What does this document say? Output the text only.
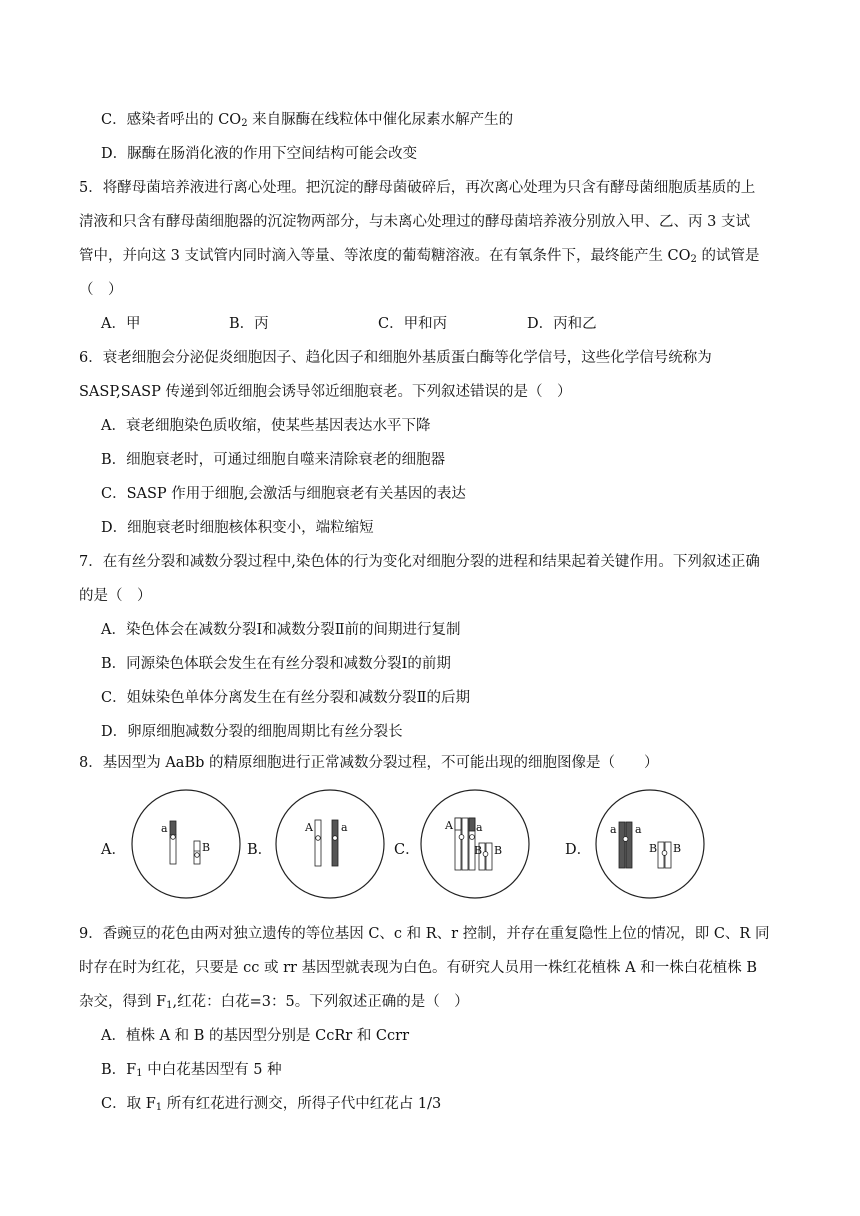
C．感染者呼出的 $CO_2$ 来自脲酶在线粒体中催化尿素水解产生的
D．脲酶在肠消化液的作用下空间结构可能会改变
5．将酵母菌培养液进行离心处理。把沉淀的酵母菌破碎后，再次离心处理为只含有酵母菌细胞质基质的上
清液和只含有酵母菌细胞器的沉淀物两部分，与未离心处理过的酵母菌培养液分别放入甲、乙、丙 3 支试
管中，并向这 3 支试管内同时滴入等量、等浓度的葡萄糖溶液。在有氧条件下，最终能产生 $CO_2$ 的试管是
（　）
A．甲	B．丙	C．甲和丙	D．丙和乙
6．衰老细胞会分泌促炎细胞因子、趋化因子和细胞外基质蛋白酶等化学信号，这些化学信号统称为
SASP,SASP 传递到邻近细胞会诱导邻近细胞衰老。下列叙述错误的是（　）
A．衰老细胞染色质收缩，使某些基因表达水平下降
B．细胞衰老时，可通过细胞自噬来清除衰老的细胞器
C．SASP 作用于细胞,会激活与细胞衰老有关基因的表达
D．细胞衰老时细胞核体积变小，端粒缩短
7．在有丝分裂和减数分裂过程中,染色体的行为变化对细胞分裂的进程和结果起着关键作用。下列叙述正确
的是（　）
A．染色体会在减数分裂Ⅰ和减数分裂Ⅱ前的间期进行复制
B．同源染色体联会发生在有丝分裂和减数分裂Ⅰ的前期
C．姐妹染色单体分离发生在有丝分裂和减数分裂Ⅱ的后期
D．卵原细胞减数分裂的细胞周期比有丝分裂长
8．基因型为 AaBb 的精原细胞进行正常减数分裂过程，不可能出现的细胞图像是（　　）
A．
a
B	B．
A	a
C．
A a
B B	D．
a a
B B
9．香豌豆的花色由两对独立遗传的等位基因 C、c 和 R、r 控制，并存在重复隐性上位的情况，即 C、R 同
时存在时为红花，只要是 cc 或 rr 基因型就表现为白色。有研究人员用一株红花植株 A 和一株白花植株 B
杂交，得到 $F_1$,红花：白花=3：5。下列叙述正确的是（　）
A．植株 A 和 B 的基因型分别是 CcRr 和 Ccrr
B．$F_1$ 中白花基因型有 5 种
C．取 $F_1$ 所有红花进行测交，所得子代中红花占 1/3
